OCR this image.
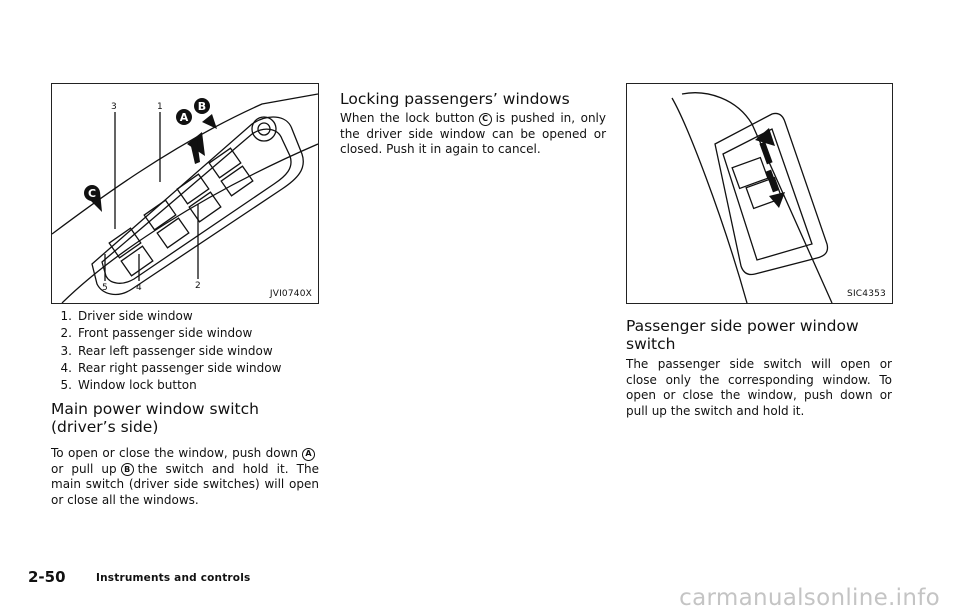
3	1
5	4	2
A
B
C
JVI0740X	SIC4353
1. Driver side window
2. Front passenger side window
3. Rear left passenger side window
4. Rear right passenger side window
5. Window lock button
Main power window switch (driver’s side)

To open or close the window, push down Aor pull up B the switch and hold it. The main switch (driver side switches) will open or close all the windows.

Locking passengers’ windows

When the lock button C is pushed in, only the driver side window can be opened or closed. Push it in again to cancel.

Passenger side power window switch

The passenger side switch will open or close only the corresponding window. To open or close the window, push down or pull up the switch and hold it.

2-50	Instruments and controls
carmanualsonline.info
